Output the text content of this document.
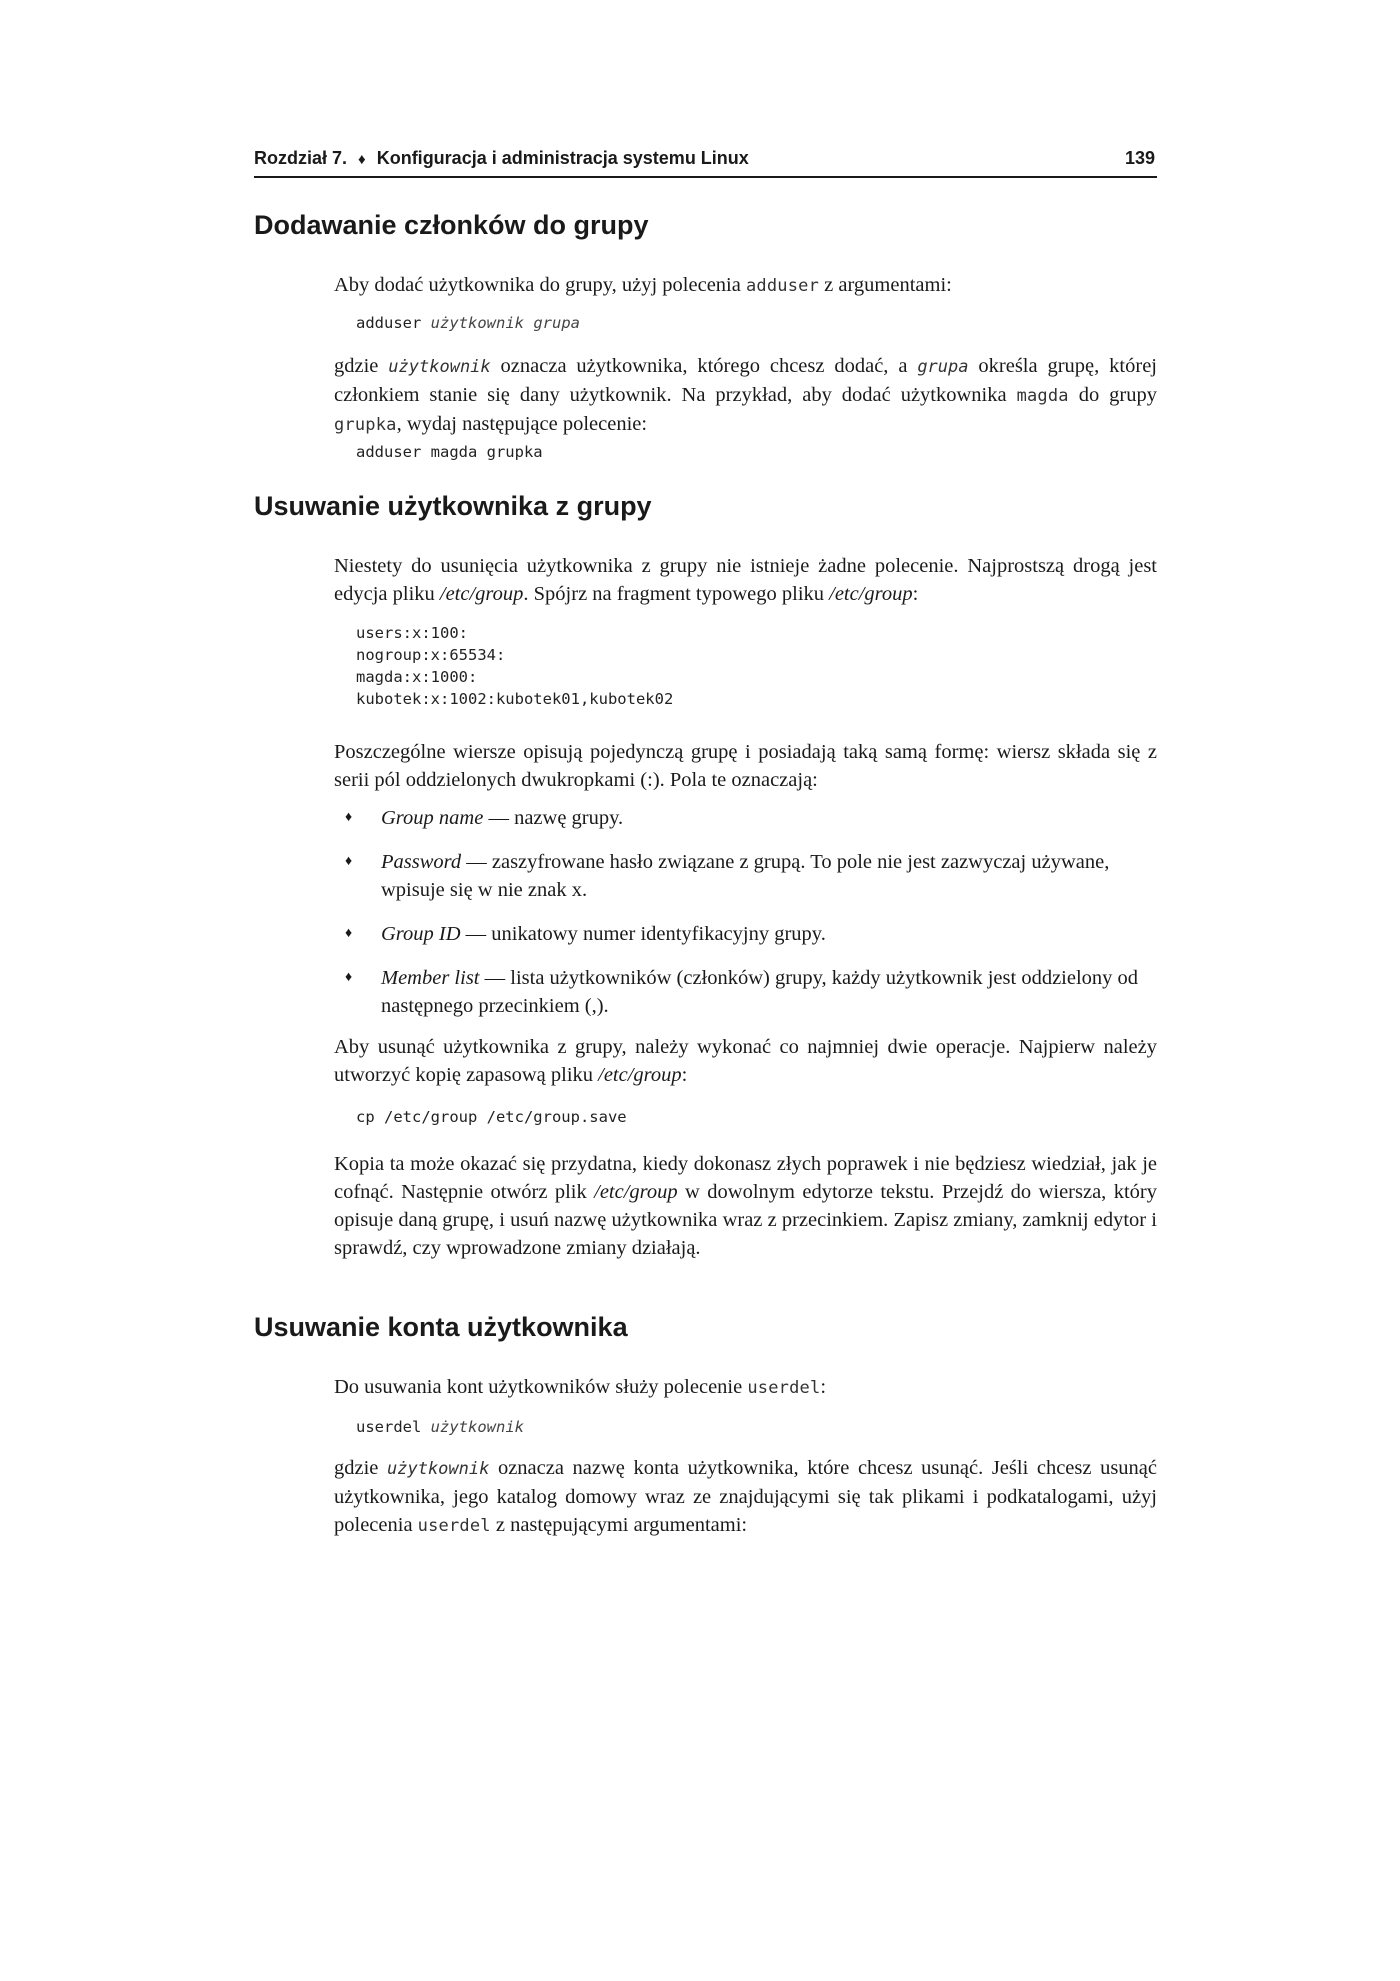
Rozdział 7. ♦ Konfiguracja i administracja systemu Linux	139
Dodawanie członków do grupy

Aby dodać użytkownika do grupy, użyj polecenia adduser z argumentami:

adduser użytkownik grupa

gdzie użytkownik oznacza użytkownika, którego chcesz dodać, a grupa określa grupę, której członkiem stanie się dany użytkownik. Na przykład, aby dodać użytkownika magda do grupy grupka, wydaj następujące polecenie:

adduser magda grupka
Usuwanie użytkownika z grupy

Niestety do usunięcia użytkownika z grupy nie istnieje żadne polecenie. Najprostszą drogą jest edycja pliku /etc/group. Spójrz na fragment typowego pliku /etc/group:

users:x:100:
nogroup:x:65534:
magda:x:1000:
kubotek:x:1002:kubotek01,kubotek02

Poszczególne wiersze opisują pojedynczą grupę i posiadają taką samą formę: wiersz składa się z serii pól oddzielonych dwukropkami (:). Pola te oznaczają:

♦ Group name — nazwę grupy.
♦ Password — zaszyfrowane hasło związane z grupą. To pole nie jest zazwyczaj używane, wpisuje się w nie znak x.
♦ Group ID — unikatowy numer identyfikacyjny grupy.
♦ Member list — lista użytkowników (członków) grupy, każdy użytkownik jest oddzielony od następnego przecinkiem (,).

Aby usunąć użytkownika z grupy, należy wykonać co najmniej dwie operacje. Najpierw należy utworzyć kopię zapasową pliku /etc/group:

cp /etc/group /etc/group.save

Kopia ta może okazać się przydatna, kiedy dokonasz złych poprawek i nie będziesz wiedział, jak je cofnąć. Następnie otwórz plik /etc/group w dowolnym edytorze tekstu. Przejdź do wiersza, który opisuje daną grupę, i usuń nazwę użytkownika wraz z przecinkiem. Zapisz zmiany, zamknij edytor i sprawdź, czy wprowadzone zmiany działają.

Usuwanie konta użytkownika

Do usuwania kont użytkowników służy polecenie userdel:

userdel użytkownik

gdzie użytkownik oznacza nazwę konta użytkownika, które chcesz usunąć. Jeśli chcesz usunąć użytkownika, jego katalog domowy wraz ze znajdującymi się tak plikami i podkatalogami, użyj polecenia userdel z następującymi argumentami:
